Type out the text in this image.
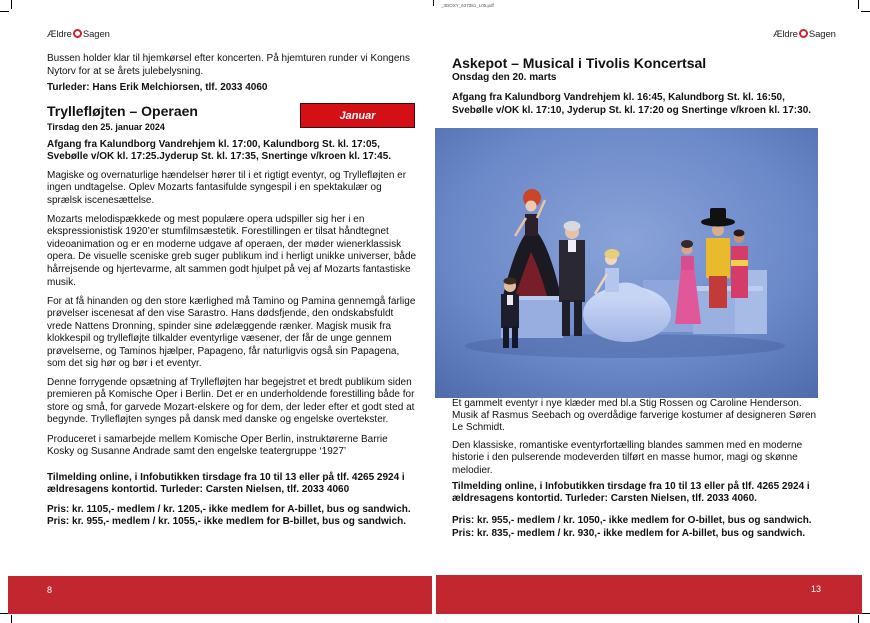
_3DOXY_637351_L05.pdf
Ældre Sagen
Bussen holder klar til hjemkørsel efter koncerten. På hjemturen runder vi Kongens
Nytorv for at se årets julebelysning.
Turleder: Hans Erik Melchiorsen, tlf. 2033 4060
Tryllefløjten – Operaen	Januar
Tirsdag den 25. januar 2024
Afgang fra Kalundborg Vandrehjem kl. 17:00, Kalundborg St. kl. 17:05,
Svebølle v/OK kl. 17:25.Jyderup St. kl. 17:35, Snertinge v/kroen kl. 17:45.
Magiske og overnaturlige hændelser hører til i et rigtigt eventyr, og Tryllefløjten er
ingen undtagelse. Oplev Mozarts fantasifulde syngespil i en spektakulær og
sprælsk iscenesættelse.
Mozarts melodispækkede og mest populære opera udspiller sig her i en
ekspressionistisk 1920’er stumfilmsæstetik. Forestillingen er tilsat håndtegnet
videoanimation og er en moderne udgave af operaen, der møder wienerklassisk
opera. De visuelle sceniske greb suger publikum ind i herligt unikke universer, både
hårrejsende og hjertevarme, alt sammen godt hjulpet på vej af Mozarts fantastiske
musik.
For at få hinanden og den store kærlighed må Tamino og Pamina gennemgå farlige
prøvelser iscenesat af den vise Sarastro. Hans dødsfjende, den ondskabsfuldt
vrede Nattens Dronning, spinder sine ødelæggende rænker. Magisk musik fra
klokkespil og tryllefløjte tilkalder eventyrlige væsener, der får de unge gennem
prøvelserne, og Taminos hjælper, Papageno, får naturligvis også sin Papagena,
som det sig hør og bør i et eventyr.
Denne forrygende opsætning af Tryllefløjten har begejstret et bredt publikum siden
premieren på Komische Oper i Berlin. Det er en underholdende forestilling både for
store og små, for garvede Mozart-elskere og for dem, der leder efter et godt sted at
begynde. Tryllefløjten synges på dansk med danske og engelske overtekster.
Produceret i samarbejde mellem Komische Oper Berlin, instruktørerne Barrie
Kosky og Susanne Andrade samt den engelske teatergruppe ‘1927’
Tilmelding online, i Infobutikken tirsdage fra 10 til 13 eller på tlf. 4265 2924 i
ældresagens kontortid. Turleder: Carsten Nielsen, tlf. 2033 4060
Pris: kr. 1105,- medlem / kr. 1205,- ikke medlem for A-billet, bus og sandwich.
Pris: kr. 955,- medlem / kr. 1055,- ikke medlem for B-billet, bus og sandwich.
8
Ældre Sagen
Askepot – Musical i Tivolis Koncertsal
Onsdag den 20. marts
Afgang fra Kalundborg Vandrehjem kl. 16:45, Kalundborg St. kl. 16:50,
Svebølle v/OK kl. 17:10, Jyderup St. kl. 17:20 og Snertinge v/kroen kl. 17:30.
Et gammelt eventyr i nye klæder med bl.a Stig Rossen og Caroline Henderson.
Musik af Rasmus Seebach og overdådige farverige kostumer af designeren Søren
Le Schmidt.
Den klassiske, romantiske eventyrfortælling blandes sammen med en moderne
historie i den pulserende modeverden tilført en masse humor, magi og skønne
melodier.
Tilmelding online, i Infobutikken tirsdage fra 10 til 13 eller på tlf. 4265 2924 i
ældresagens kontortid. Turleder: Carsten Nielsen, tlf. 2033 4060.
Pris: kr. 955,- medlem / kr. 1050,- ikke medlem for O-billet, bus og sandwich.
Pris: kr. 835,- medlem / kr. 930,- ikke medlem for A-billet, bus og sandwich.
13
